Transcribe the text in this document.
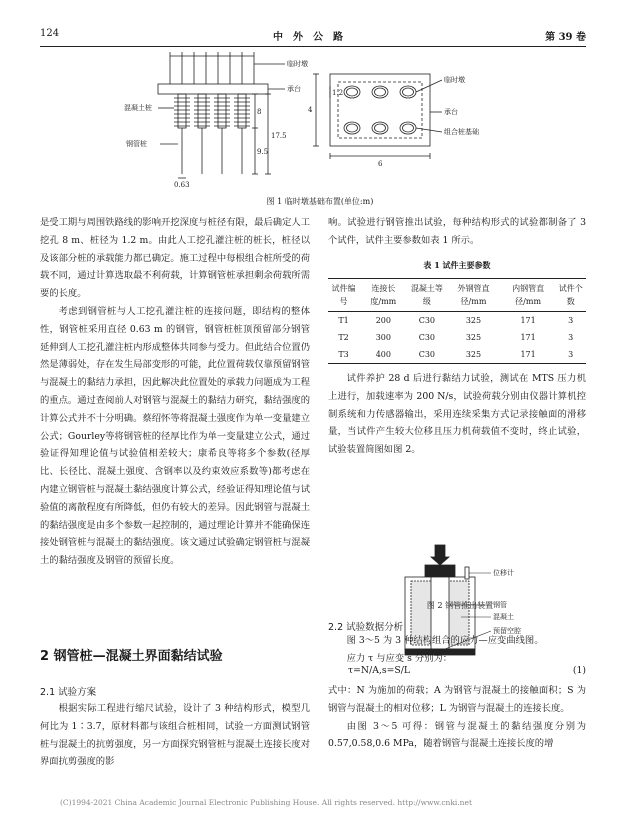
124	中外公路	第 39 卷
临时墩
承台
混凝土桩
钢管桩
8
9.5
17.5
0.63
临时墩
承台
组合桩基础
1.2
4
6
图 1 临时墩基础布置(单位:m)

是受工期与周围铁路线的影响开挖深度与桩径有限，最后确定人工挖孔 8 m、桩径为 1.2 m。由此人工挖孔灌注桩的桩长，桩径以及该部分桩的承载能力都已确定。施工过程中每根组合桩所受的荷载不同，通过计算选取最不利荷载，计算钢管桩承担剩余荷载所需要的长度。

考虑到钢管桩与人工挖孔灌注桩的连接问题，即结构的整体性，钢管桩采用直径 0.63 m 的钢管，钢管桩桩顶预留部分钢管延伸到人工挖孔灌注桩内形成整体共同参与受力。但此结合位置仍然是薄弱处，存在发生局部变形的可能，此位置荷载仅靠预留钢管与混凝土的黏结力承担，因此解决此位置处的承载力问题成为工程的重点。通过查阅前人对钢管与混凝土的黏结力研究，黏结强度的计算公式并不十分明确。蔡绍怀等将混凝土强度作为单一变量建立公式；Gourley等将钢管桩的径厚比作为单一变量建立公式，通过验证得知理论值与试验值相差较大；康希良等将多个参数(径厚比、长径比、混凝土强度、含钢率以及约束效应系数等)都考虑在内建立钢管桩与混凝土黏结强度计算公式，经验证得知理论值与试验值的离散程度有所降低，但仍有较大的差异。因此钢管与混凝土的黏结强度是由多个参数一起控制的，通过理论计算并不能确保连接处钢管桩与混凝土的黏结强度。该文通过试验确定钢管桩与混凝土的黏结强度及钢管的预留长度。

2 钢管桩—混凝土界面黏结试验
2.1 试验方案

根据实际工程进行缩尺试验，设计了 3 种结构形式，模型几何比为 1∶3.7，原材料都与该组合桩相同，试验一方面测试钢管桩与混凝土的抗剪强度，另一方面探究钢管桩与混凝土连接长度对界面抗剪强度的影

响。试验进行钢管推出试验，每种结构形式的试验都制备了 3 个试件，试件主要参数如表 1 所示。

表 1 试件主要参数
试件编号	连接长度/mm	混凝土等级	外钢管直径/mm	内钢管直径/mm	试件个数
T1	200	C30	325	171	3
T2	300	C30	325	171	3
T3	400	C30	325	171	3

试件养护 28 d 后进行黏结力试验，测试在 MTS 压力机上进行，加载速率为 200 N/s，试验荷载分别由仪器计算机控制系统和力传感器输出，采用连续采集方式记录接触面的滑移量，当试件产生较大位移且压力机荷载值不变时，终止试验，试验装置简图如图 2。

位移计
钢管
混凝土
预留空腔
图 2 钢管推出装置
2.2 试验数据分析

图 3～5 为 3 种结构组合的应力—应变曲线图。

应力 τ 与应变 s 分别为：

τ=N/A,s=S/L	(1)

式中：N 为施加的荷载；A 为钢管与混凝土的接触面积；S 为钢管与混凝土的相对位移；L 为钢管与混凝土的连接长度。

由图 3～5 可得：钢管与混凝土的黏结强度分别为 0.57,0.58,0.6 MPa，随着钢管与混凝土连接长度的增

(C)1994-2021 China Academic Journal Electronic Publishing House. All rights reserved. http://www.cnki.net
